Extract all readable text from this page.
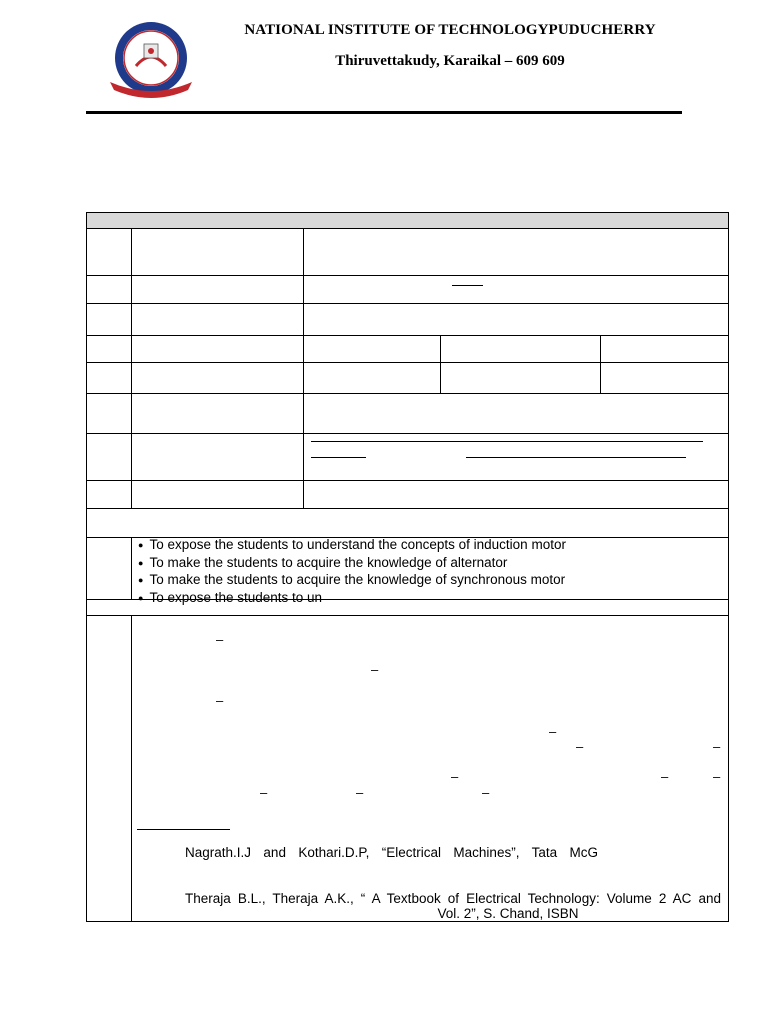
NATIONAL INSTITUTE OF TECHNOLOGYPUDUCHERRY
Thiruvettakudy, Karaikal – 609 609
● To expose the students to understand the concepts of induction motor
● To make the students to acquire the knowledge of alternator
● To make the students to acquire the knowledge of synchronous motor
● To expose the students to un
–
–
–
–
–	–
–	–	–
–	–	–
Nagrath.I.J and Kothari.D.P, “Electrical Machines”, Tata McG
Theraja B.L., Theraja A.K., “ A Textbook of Electrical Technology: Volume 2 AC and
Vol. 2”, S. Chand, ISBN
